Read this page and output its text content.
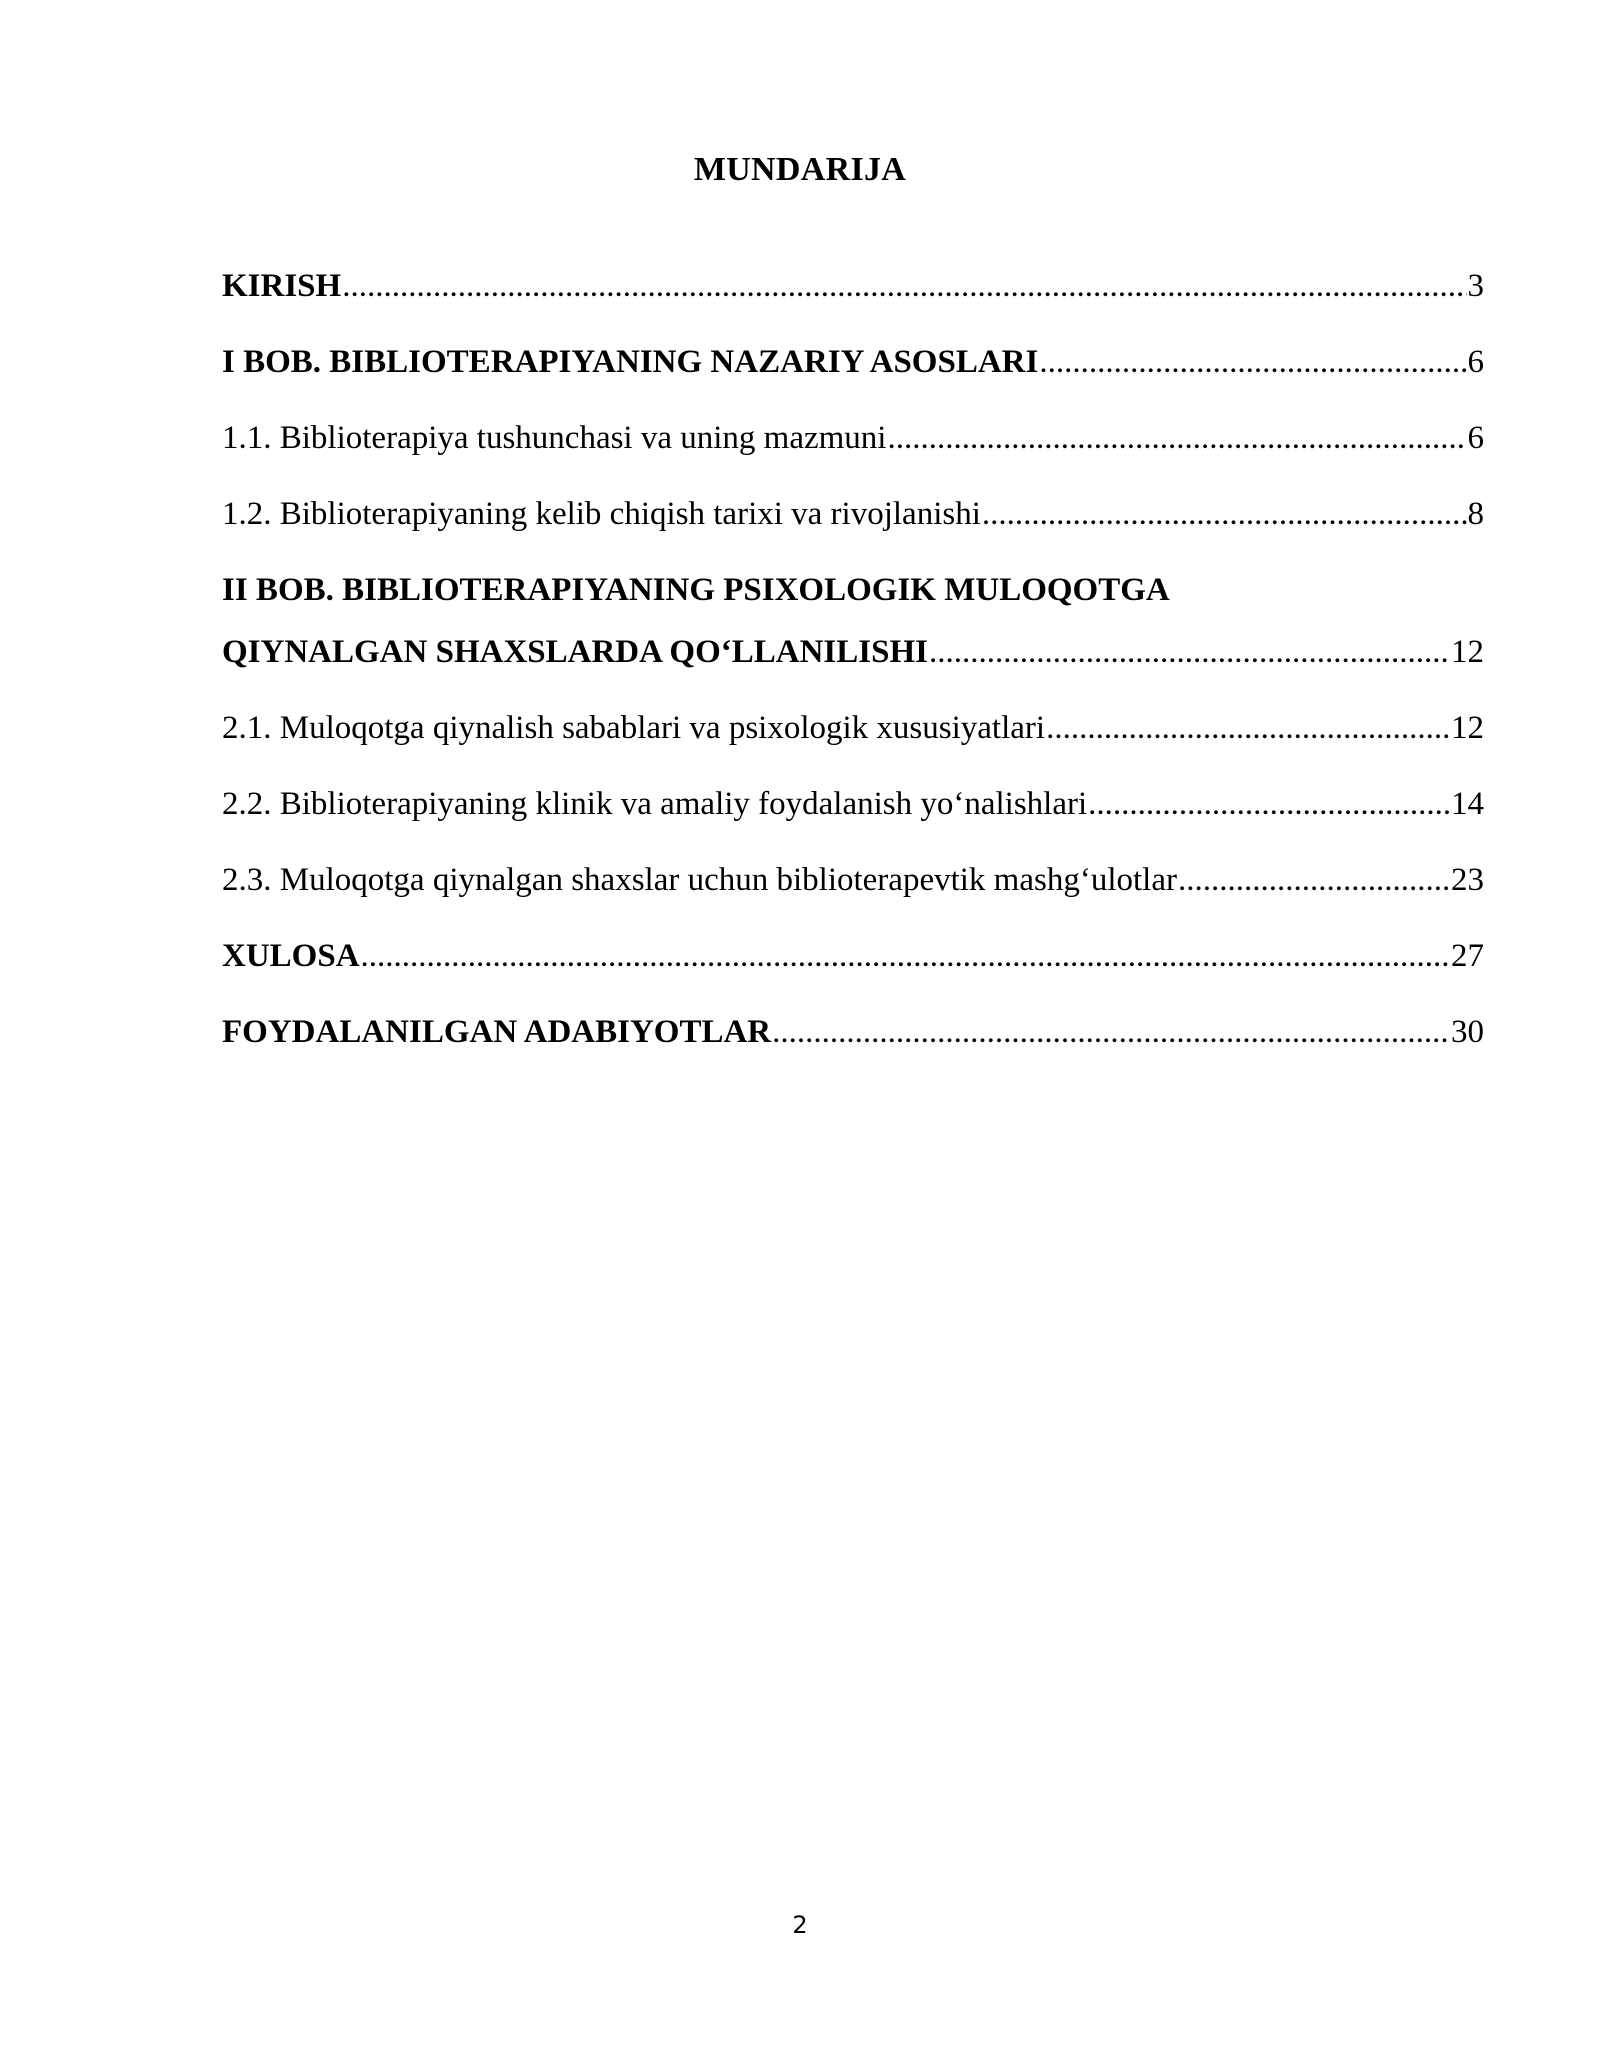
MUNDARIJA
KIRISH .....	3
I BOB. BIBLIOTERAPIYANING NAZARIY ASOSLARI .....	6
1.1. Biblioterapiya tushunchasi va uning mazmuni .....	6
1.2. Biblioterapiyaning kelib chiqish tarixi va rivojlanishi .....	8
II BOB. BIBLIOTERAPIYANING PSIXOLOGIK MULOQOTGA
QIYNALGAN SHAXSLARDA QO‘LLANILISHI .....	12
2.1. Muloqotga qiynalish sabablari va psixologik xususiyatlari .....	12
2.2. Biblioterapiyaning klinik va amaliy foydalanish yo‘nalishlari .....	14
2.3. Muloqotga qiynalgan shaxslar uchun biblioterapevtik mashg‘ulotlar .....	23
XULOSA .....	27
FOYDALANILGAN ADABIYOTLAR .....	30
2
